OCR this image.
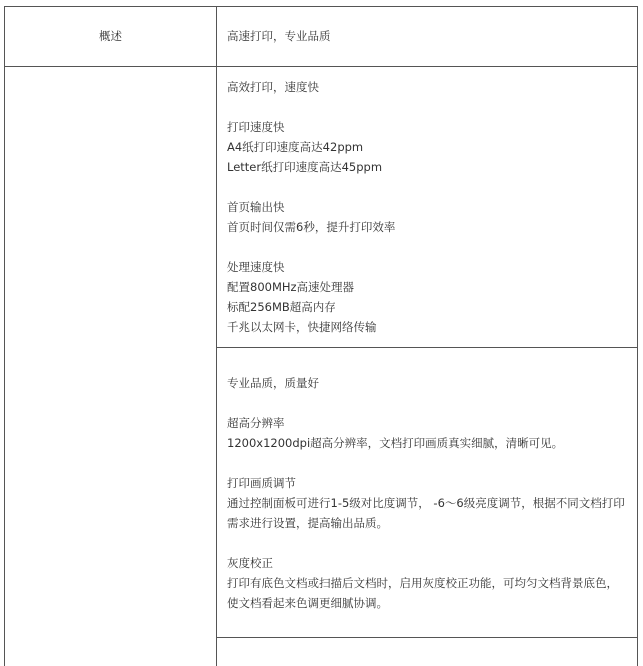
概述	高速打印，专业品质
高效打印，速度快
打印速度快
A4纸打印速度高达42ppm
Letter纸打印速度高达45ppm
首页输出快
首页时间仅需6秒，提升打印效率
处理速度快
配置800MHz高速处理器
标配256MB超高内存
千兆以太网卡，快捷网络传输
专业品质，质量好
超高分辨率
1200x1200dpi超高分辨率，文档打印画质真实细腻，清晰可见。
打印画质调节
通过控制面板可进行1-5级对比度调节， -6～6级亮度调节，根据不同文档打印需求进行设置，提高输出品质。
灰度校正
打印有底色文档或扫描后文档时，启用灰度校正功能，可均匀文档背景底色，使文档看起来色调更细腻协调。
